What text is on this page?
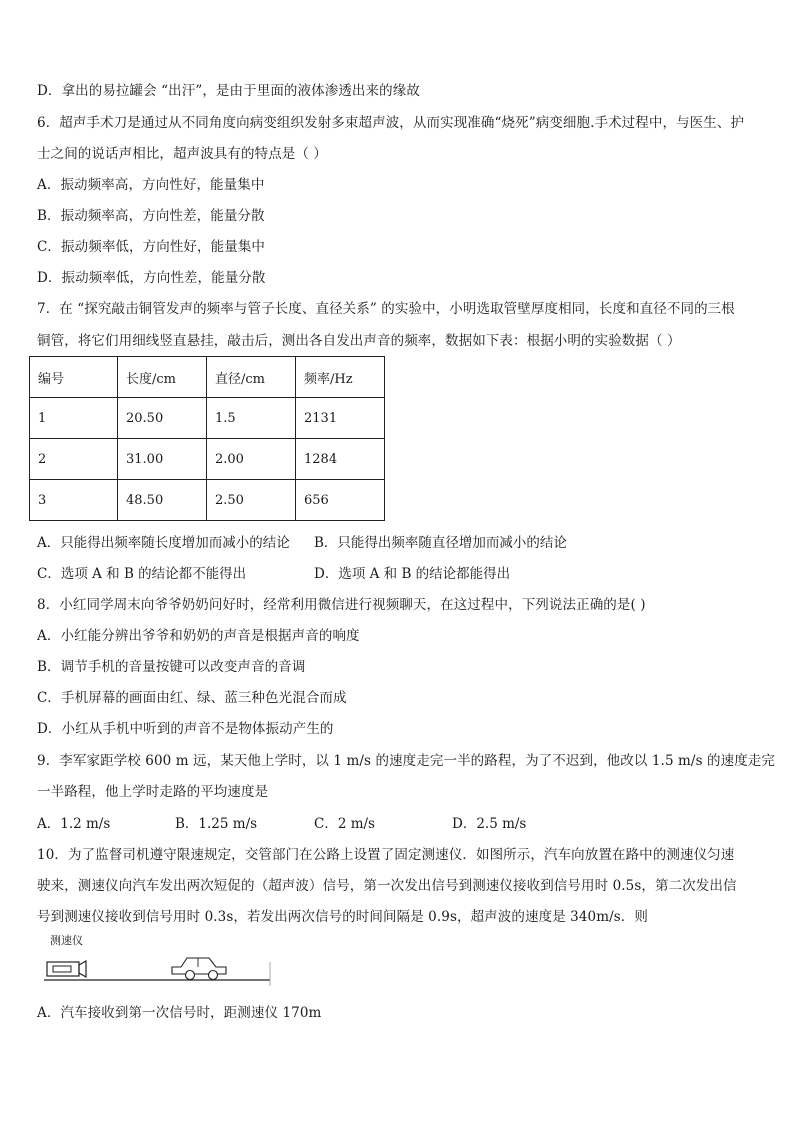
D．拿出的易拉罐会 “出汗”，是由于里面的液体渗透出来的缘故
6．超声手术刀是通过从不同角度向病变组织发射多束超声波，从而实现准确“烧死”病变细胞.手术过程中，与医生、护
士之间的说话声相比，超声波具有的特点是（ ）
A．振动频率高，方向性好，能量集中
B．振动频率高，方向性差，能量分散
C．振动频率低，方向性好，能量集中
D．振动频率低，方向性差，能量分散
7．在 “探究敲击铜管发声的频率与管子长度、直径关系” 的实验中，小明选取管壁厚度相同，长度和直径不同的三根
铜管，将它们用细线竖直悬挂，敲击后，测出各自发出声音的频率，数据如下表：根据小明的实验数据（ ）
编号	长度/cm	直径/cm	频率/Hz
1	20.50	1.5	2131
2	31.00	2.00	1284
3	48.50	2.50	656
A．只能得出频率随长度增加而减小的结论 B．只能得出频率随直径增加而减小的结论
C．选项 A 和 B 的结论都不能得出	D．选项 A 和 B 的结论都能得出
8．小红同学周末向爷爷奶奶问好时，经常利用微信进行视频聊天，在这过程中，下列说法正确的是( )
A．小红能分辨出爷爷和奶奶的声音是根据声音的响度
B．调节手机的音量按键可以改变声音的音调
C．手机屏幕的画面由红、绿、蓝三种色光混合而成
D．小红从手机中听到的声音不是物体振动产生的
9．李军家距学校 600 m 远，某天他上学时，以 1 m/s 的速度走完一半的路程，为了不迟到，他改以 1.5 m/s 的速度走完
一半路程，他上学时走路的平均速度是
A．1.2 m/s	B．1.25 m/s	C．2 m/s	D．2.5 m/s
10．为了监督司机遵守限速规定，交管部门在公路上设置了固定测速仪．如图所示，汽车向放置在路中的测速仪匀速
驶来，测速仪向汽车发出两次短促的（超声波）信号，第一次发出信号到测速仪接收到信号用时 0.5s，第二次发出信
号到测速仪接收到信号用时 0.3s，若发出两次信号的时间间隔是 0.9s，超声波的速度是 340m/s．则
测速仪
A．汽车接收到第一次信号时，距测速仪 170m
